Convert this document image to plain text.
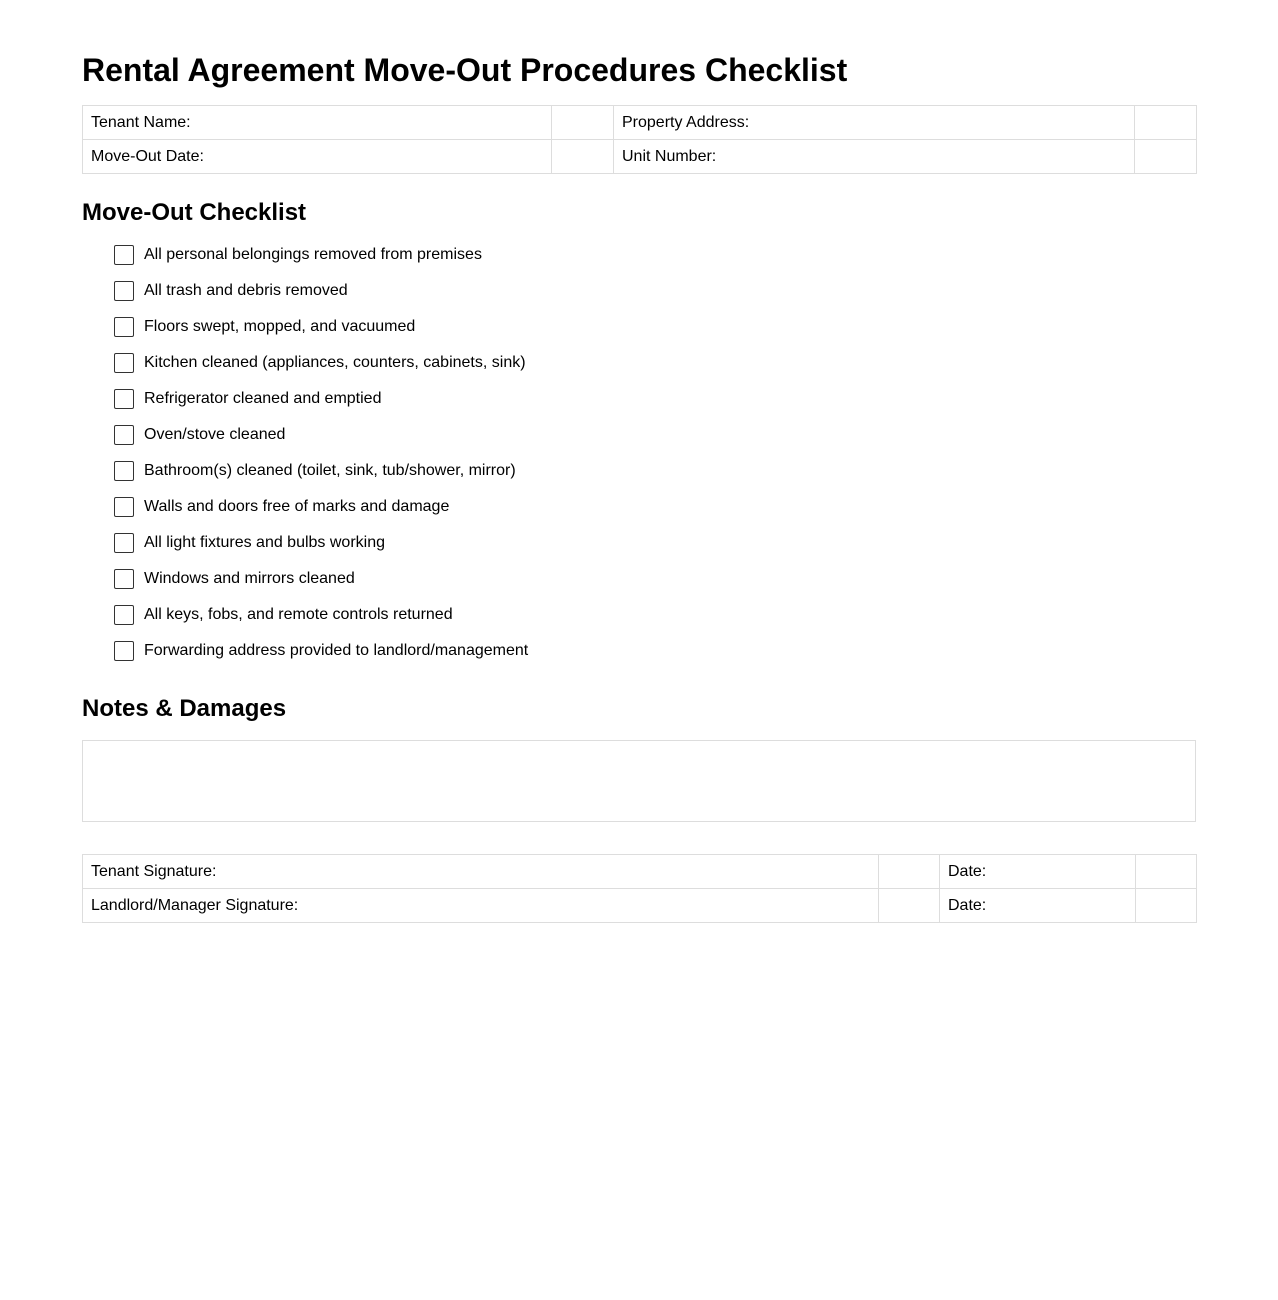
Rental Agreement Move-Out Procedures Checklist
Tenant Name:		Property Address:	
Move-Out Date:		Unit Number:	
Move-Out Checklist
All personal belongings removed from premises
All trash and debris removed
Floors swept, mopped, and vacuumed
Kitchen cleaned (appliances, counters, cabinets, sink)
Refrigerator cleaned and emptied
Oven/stove cleaned
Bathroom(s) cleaned (toilet, sink, tub/shower, mirror)
Walls and doors free of marks and damage
All light fixtures and bulbs working
Windows and mirrors cleaned
All keys, fobs, and remote controls returned
Forwarding address provided to landlord/management
Notes & Damages
Tenant Signature:		Date:	
Landlord/Manager Signature:		Date:	
